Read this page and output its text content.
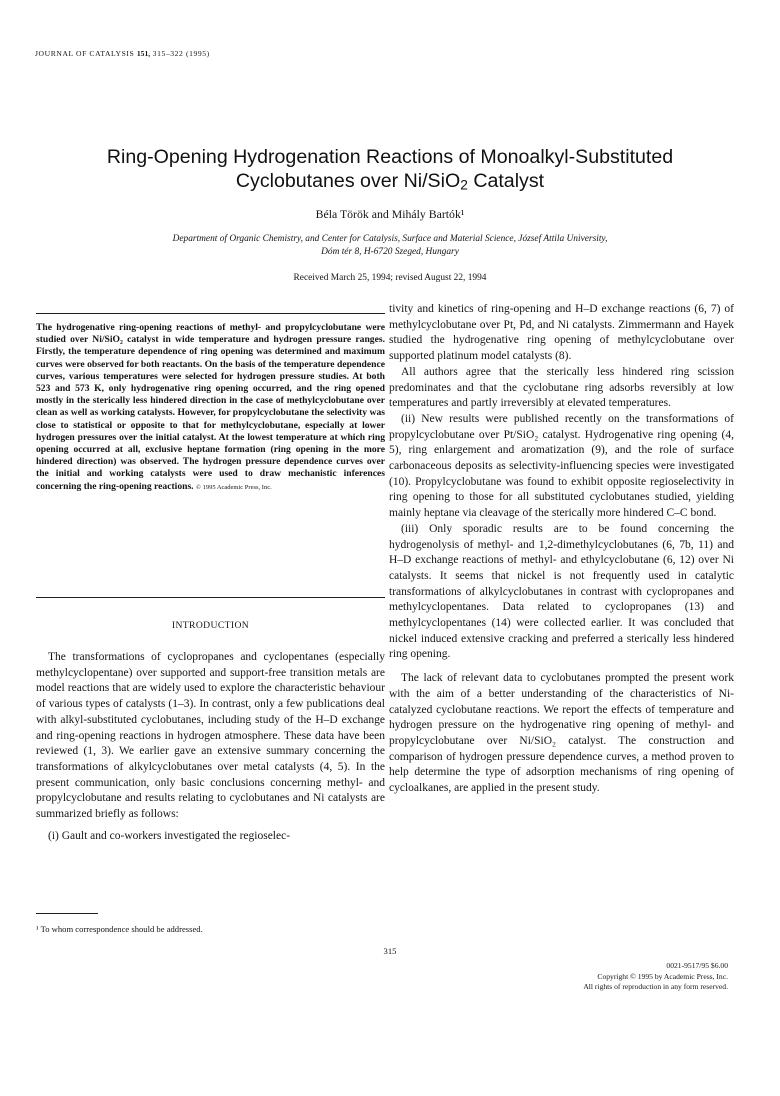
JOURNAL OF CATALYSIS 151, 315–322 (1995)
Ring-Opening Hydrogenation Reactions of Monoalkyl-Substituted
Cyclobutanes over Ni/SiO$_2$ Catalyst
Béla Török and Mihály Bartók¹
Department of Organic Chemistry, and Center for Catalysis, Surface and Material Science, József Attila University,
Dóm tér 8, H-6720 Szeged, Hungary
Received March 25, 1994; revised August 22, 1994
The hydrogenative ring-opening reactions of methyl- and propylcyclobutane were studied over Ni/SiO₂ catalyst in wide temperature and hydrogen pressure ranges. Firstly, the temperature dependence of ring opening was determined and maximum curves were observed for both reactants. On the basis of the temperature dependence curves, various temperatures were selected for hydrogen pressure studies. At both 523 and 573 K, only hydrogenative ring opening occurred, and the ring opened mostly in the sterically less hindered direction in the case of methylcyclobutane over clean as well as working catalysts. However, for propylcyclobutane the selectivity was close to statistical or opposite to that for methylcyclobutane, especially at lower hydrogen pressures over the initial catalyst. At the lowest temperature at which ring opening occurred at all, exclusive heptane formation (ring opening in the more hindered direction) was observed. The hydrogen pressure dependence curves over the initial and working catalysts were used to draw mechanistic inferences concerning the ring-opening reactions. © 1995 Academic Press, Inc.
INTRODUCTION

The transformations of cyclopropanes and cyclopentanes (especially methylcyclopentane) over supported and support-free transition metals are model reactions that are widely used to explore the characteristic behaviour of various types of catalysts (1–3). In contrast, only a few publications deal with alkyl-substituted cyclobutanes, including study of the H–D exchange and ring-opening reactions in hydrogen atmosphere. These data have been reviewed (1, 3). We earlier gave an extensive summary concerning the transformations of alkylcyclobutanes over metal catalysts (4, 5). In the present communication, only basic conclusions concerning methyl- and propylcyclobutane and results relating to cyclobutanes and Ni catalysts are summarized briefly as follows:

(i) Gault and co-workers investigated the regioselec-

tivity and kinetics of ring-opening and H–D exchange reactions (6, 7) of methylcyclobutane over Pt, Pd, and Ni catalysts. Zimmermann and Hayek studied the hydrogenative ring opening of methylcyclobutane over supported platinum model catalysts (8).

All authors agree that the sterically less hindered ring scission predominates and that the cyclobutane ring adsorbs reversibly at low temperatures and partly irreversibly at elevated temperatures.

(ii) New results were published recently on the transformations of propylcyclobutane over Pt/SiO₂ catalyst. Hydrogenative ring opening (4, 5), ring enlargement and aromatization (9), and the role of surface carbonaceous deposits as selectivity-influencing species were investigated (10). Propylcyclobutane was found to exhibit opposite regioselectivity in ring opening to those for all substituted cyclobutanes studied, yielding mainly heptane via cleavage of the sterically more hindered C–C bond.

(iii) Only sporadic results are to be found concerning the hydrogenolysis of methyl- and 1,2-dimethylcyclobutanes (6, 7b, 11) and H–D exchange reactions of methyl- and ethylcyclobutane (6, 12) over Ni catalysts. It seems that nickel is not frequently used in catalytic transformations of alkylcyclobutanes in contrast with cyclopropanes and methylcyclopentanes. Data related to cyclopropanes (13) and methylcyclopentanes (14) were collected earlier. It was concluded that nickel induced extensive cracking and preferred a sterically less hindered ring opening.

The lack of relevant data to cyclobutanes prompted the present work with the aim of a better understanding of the characteristics of Ni-catalyzed cyclobutane reactions. We report the effects of temperature and hydrogen pressure on the hydrogenative ring opening of methyl- and propylcyclobutane over Ni/SiO₂ catalyst. The construction and comparison of hydrogen pressure dependence curves, a method proven to help determine the type of adsorption mechanisms of ring opening of cycloalkanes, are applied in the present study.

¹ To whom correspondence should be addressed.
315
0021-9517/95 $6.00
Copyright © 1995 by Academic Press, Inc.
All rights of reproduction in any form reserved.
